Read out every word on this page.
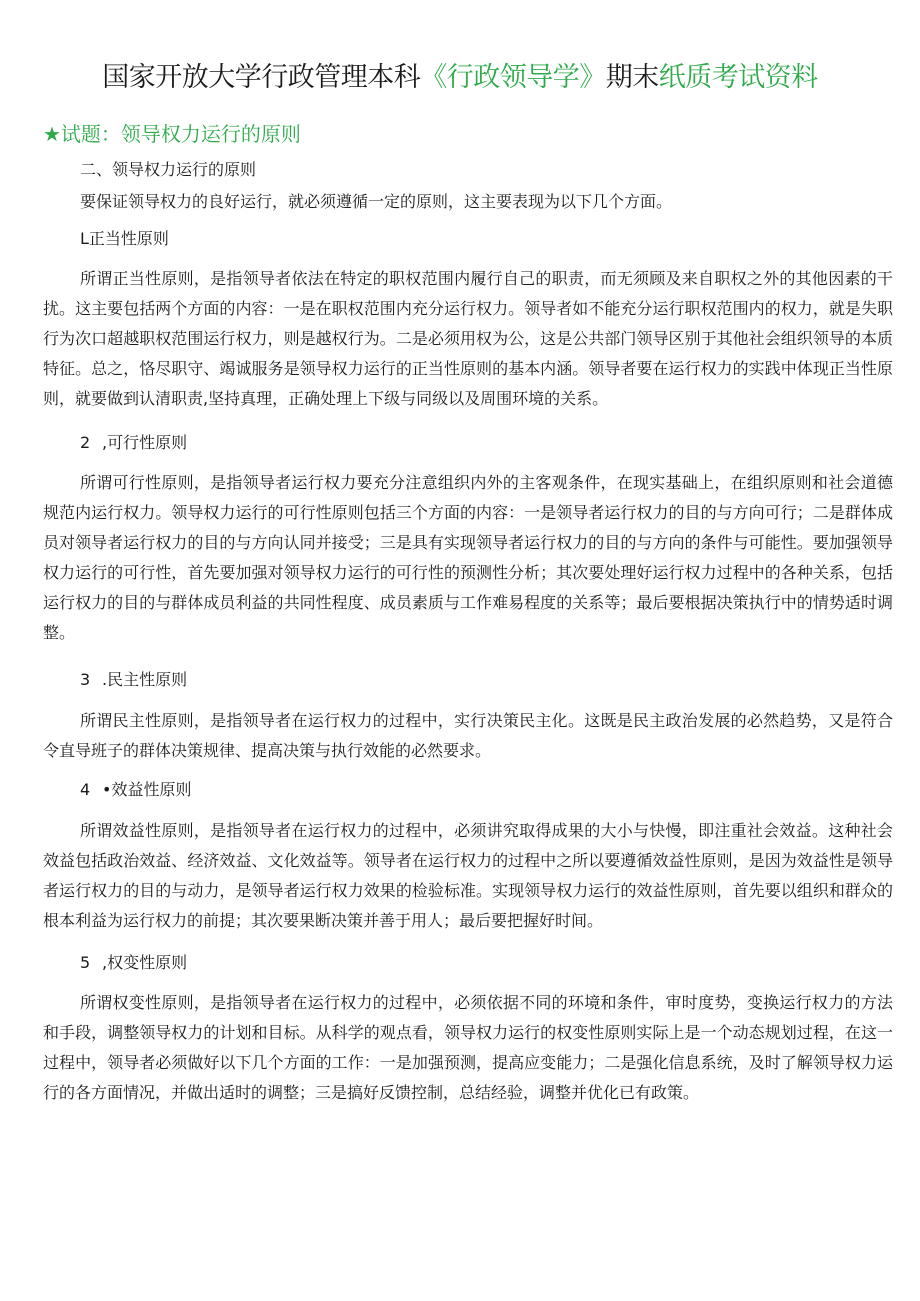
国家开放大学行政管理本科《行政领导学》期末纸质考试资料
★试题：领导权力运行的原则
二、领导权力运行的原则
要保证领导权力的良好运行，就必须遵循一定的原则，这主要表现为以下几个方面。
L正当性原则

所谓正当性原则，是指领导者依法在特定的职权范围内履行自己的职责，而无须顾及来自职权之外的其他因素的干扰。这主要包括两个方面的内容：一是在职权范围内充分运行权力。领导者如不能充分运行职权范围内的权力，就是失职行为次口超越职权范围运行权力，则是越权行为。二是必须用权为公，这是公共部门领导区别于其他社会组织领导的本质特征。总之，恪尽职守、竭诚服务是领导权力运行的正当性原则的基本内涵。领导者要在运行权力的实践中体现正当性原则，就要做到认清职责,坚持真理，正确处理上下级与同级以及周围环境的关系。

2 ,可行性原则

所谓可行性原则，是指领导者运行权力要充分注意组织内外的主客观条件，在现实基础上，在组织原则和社会道德规范内运行权力。领导权力运行的可行性原则包括三个方面的内容：一是领导者运行权力的目的与方向可行；二是群体成员对领导者运行权力的目的与方向认同并接受；三是具有实现领导者运行权力的目的与方向的条件与可能性。要加强领导权力运行的可行性，首先要加强对领导权力运行的可行性的预测性分析；其次要处理好运行权力过程中的各种关系，包括运行权力的目的与群体成员利益的共同性程度、成员素质与工作难易程度的关系等；最后要根据决策执行中的情势适时调整。

3 .民主性原则

所谓民主性原则，是指领导者在运行权力的过程中，实行决策民主化。这既是民主政治发展的必然趋势，又是符合令直导班子的群体决策规律、提高决策与执行效能的必然要求。

4 •效益性原则

所谓效益性原则，是指领导者在运行权力的过程中，必须讲究取得成果的大小与快慢，即注重社会效益。这种社会效益包括政治效益、经济效益、文化效益等。领导者在运行权力的过程中之所以要遵循效益性原则，是因为效益性是领导者运行权力的目的与动力，是领导者运行权力效果的检验标准。实现领导权力运行的效益性原则，首先要以组织和群众的根本利益为运行权力的前提；其次要果断决策并善于用人；最后要把握好时间。

5 ,权变性原则

所谓权变性原则，是指领导者在运行权力的过程中，必须依据不同的环境和条件，审时度势，变换运行权力的方法和手段，调整领导权力的计划和目标。从科学的观点看，领导权力运行的权变性原则实际上是一个动态规划过程，在这一过程中，领导者必须做好以下几个方面的工作：一是加强预测，提高应变能力；二是强化信息系统，及时了解领导权力运行的各方面情况，并做出适时的调整；三是搞好反馈控制，总结经验，调整并优化已有政策。
